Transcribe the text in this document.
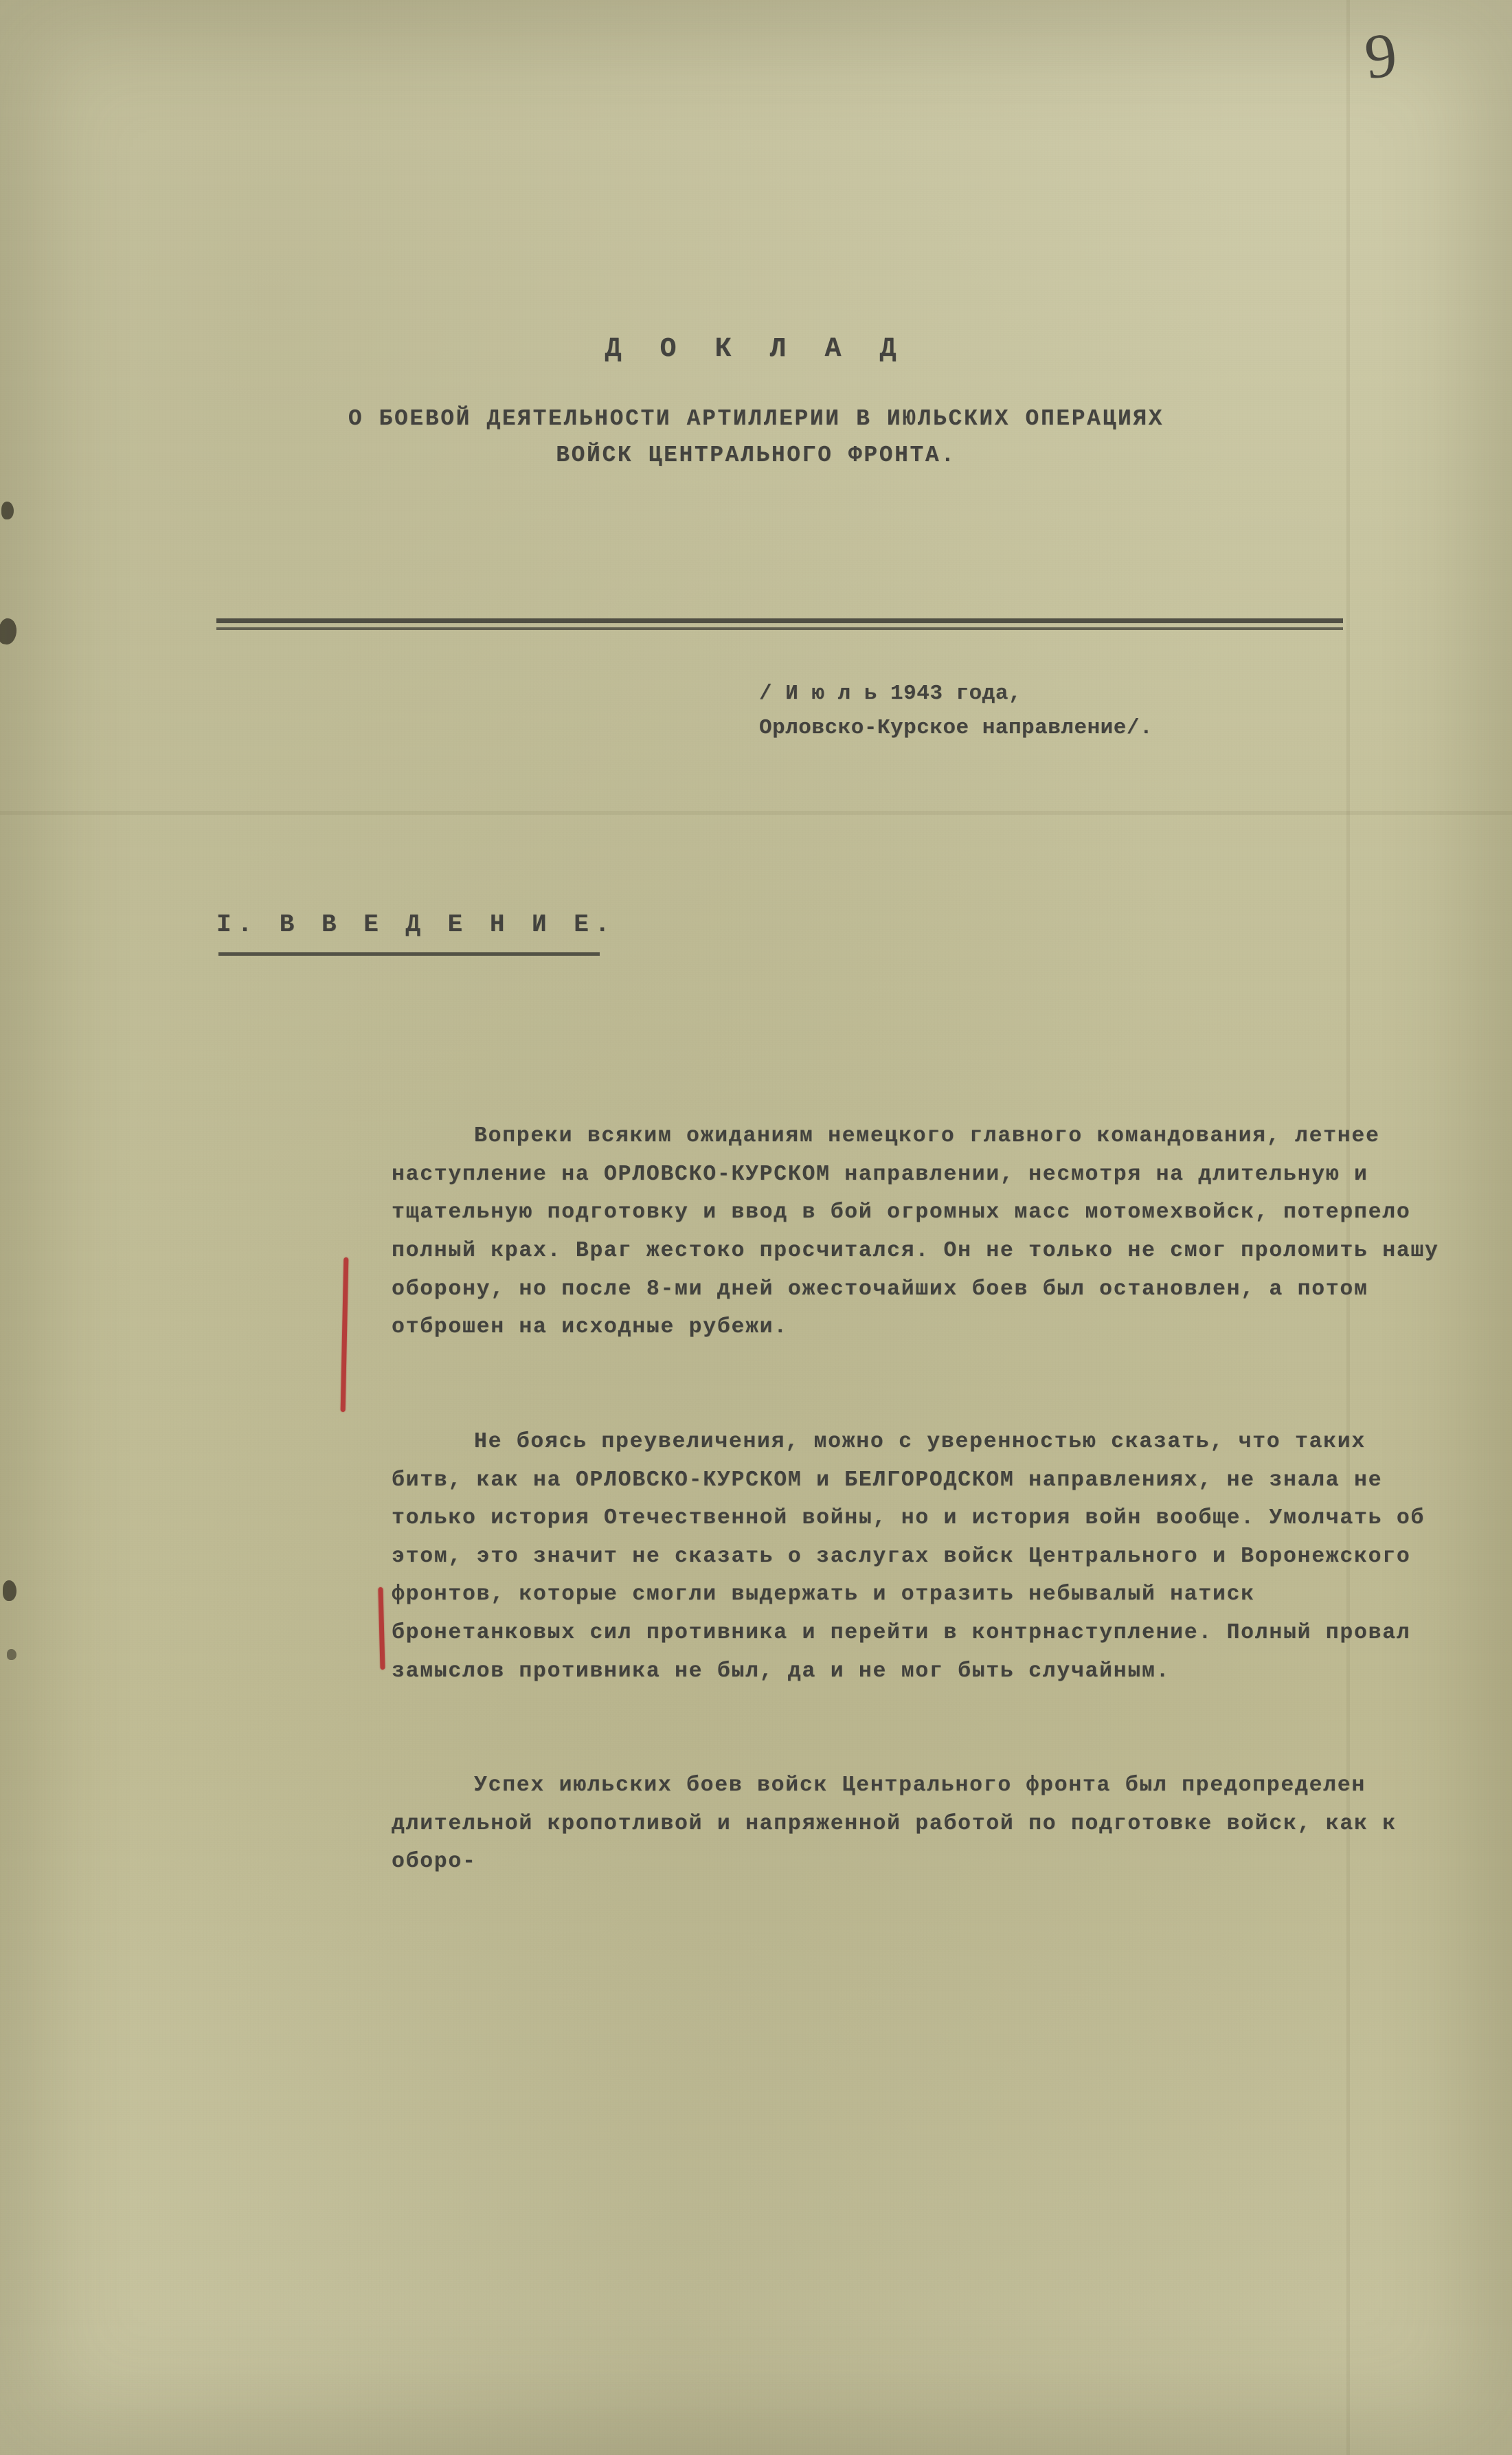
9
Д О К Л А Д
О БОЕВОЙ ДЕЯТЕЛЬНОСТИ АРТИЛЛЕРИИ В ИЮЛЬСКИХ ОПЕРАЦИЯХ
ВОЙСК ЦЕНТРАЛЬНОГО ФРОНТА.
/ И ю л ь 1943 года,
Орловско-Курское направление/.
I. В В Е Д Е Н И Е.

Вопреки всяким ожиданиям немецкого главного командования, летнее наступление на ОРЛОВСКО-КУРСКОМ направлении, несмотря на длительную и тщательную подготовку и ввод в бой огромных масс мотомехвойск, потерпело полный крах. Враг жестоко просчитался. Он не только не смог проломить нашу оборону, но после 8-ми дней ожесточайших боев был остановлен, а потом отброшен на исходные рубежи.

Не боясь преувеличения, можно с уверенностью сказать, что таких битв, как на ОРЛОВСКО-КУРСКОМ и БЕЛГОРОДСКОМ направлениях, не знала не только история Отечественной войны, но и история войн вообще. Умолчать об этом, это значит не сказать о заслугах войск Центрального и Воронежского фронтов, которые смогли выдержать и отразить небывалый натиск бронетанковых сил противника и перейти в контрнаступление. Полный провал замыслов противника не был, да и не мог быть случайным.

Успех июльских боев войск Центрального фронта был предопределен длительной кропотливой и напряженной работой по подготовке войск, как к оборо-
